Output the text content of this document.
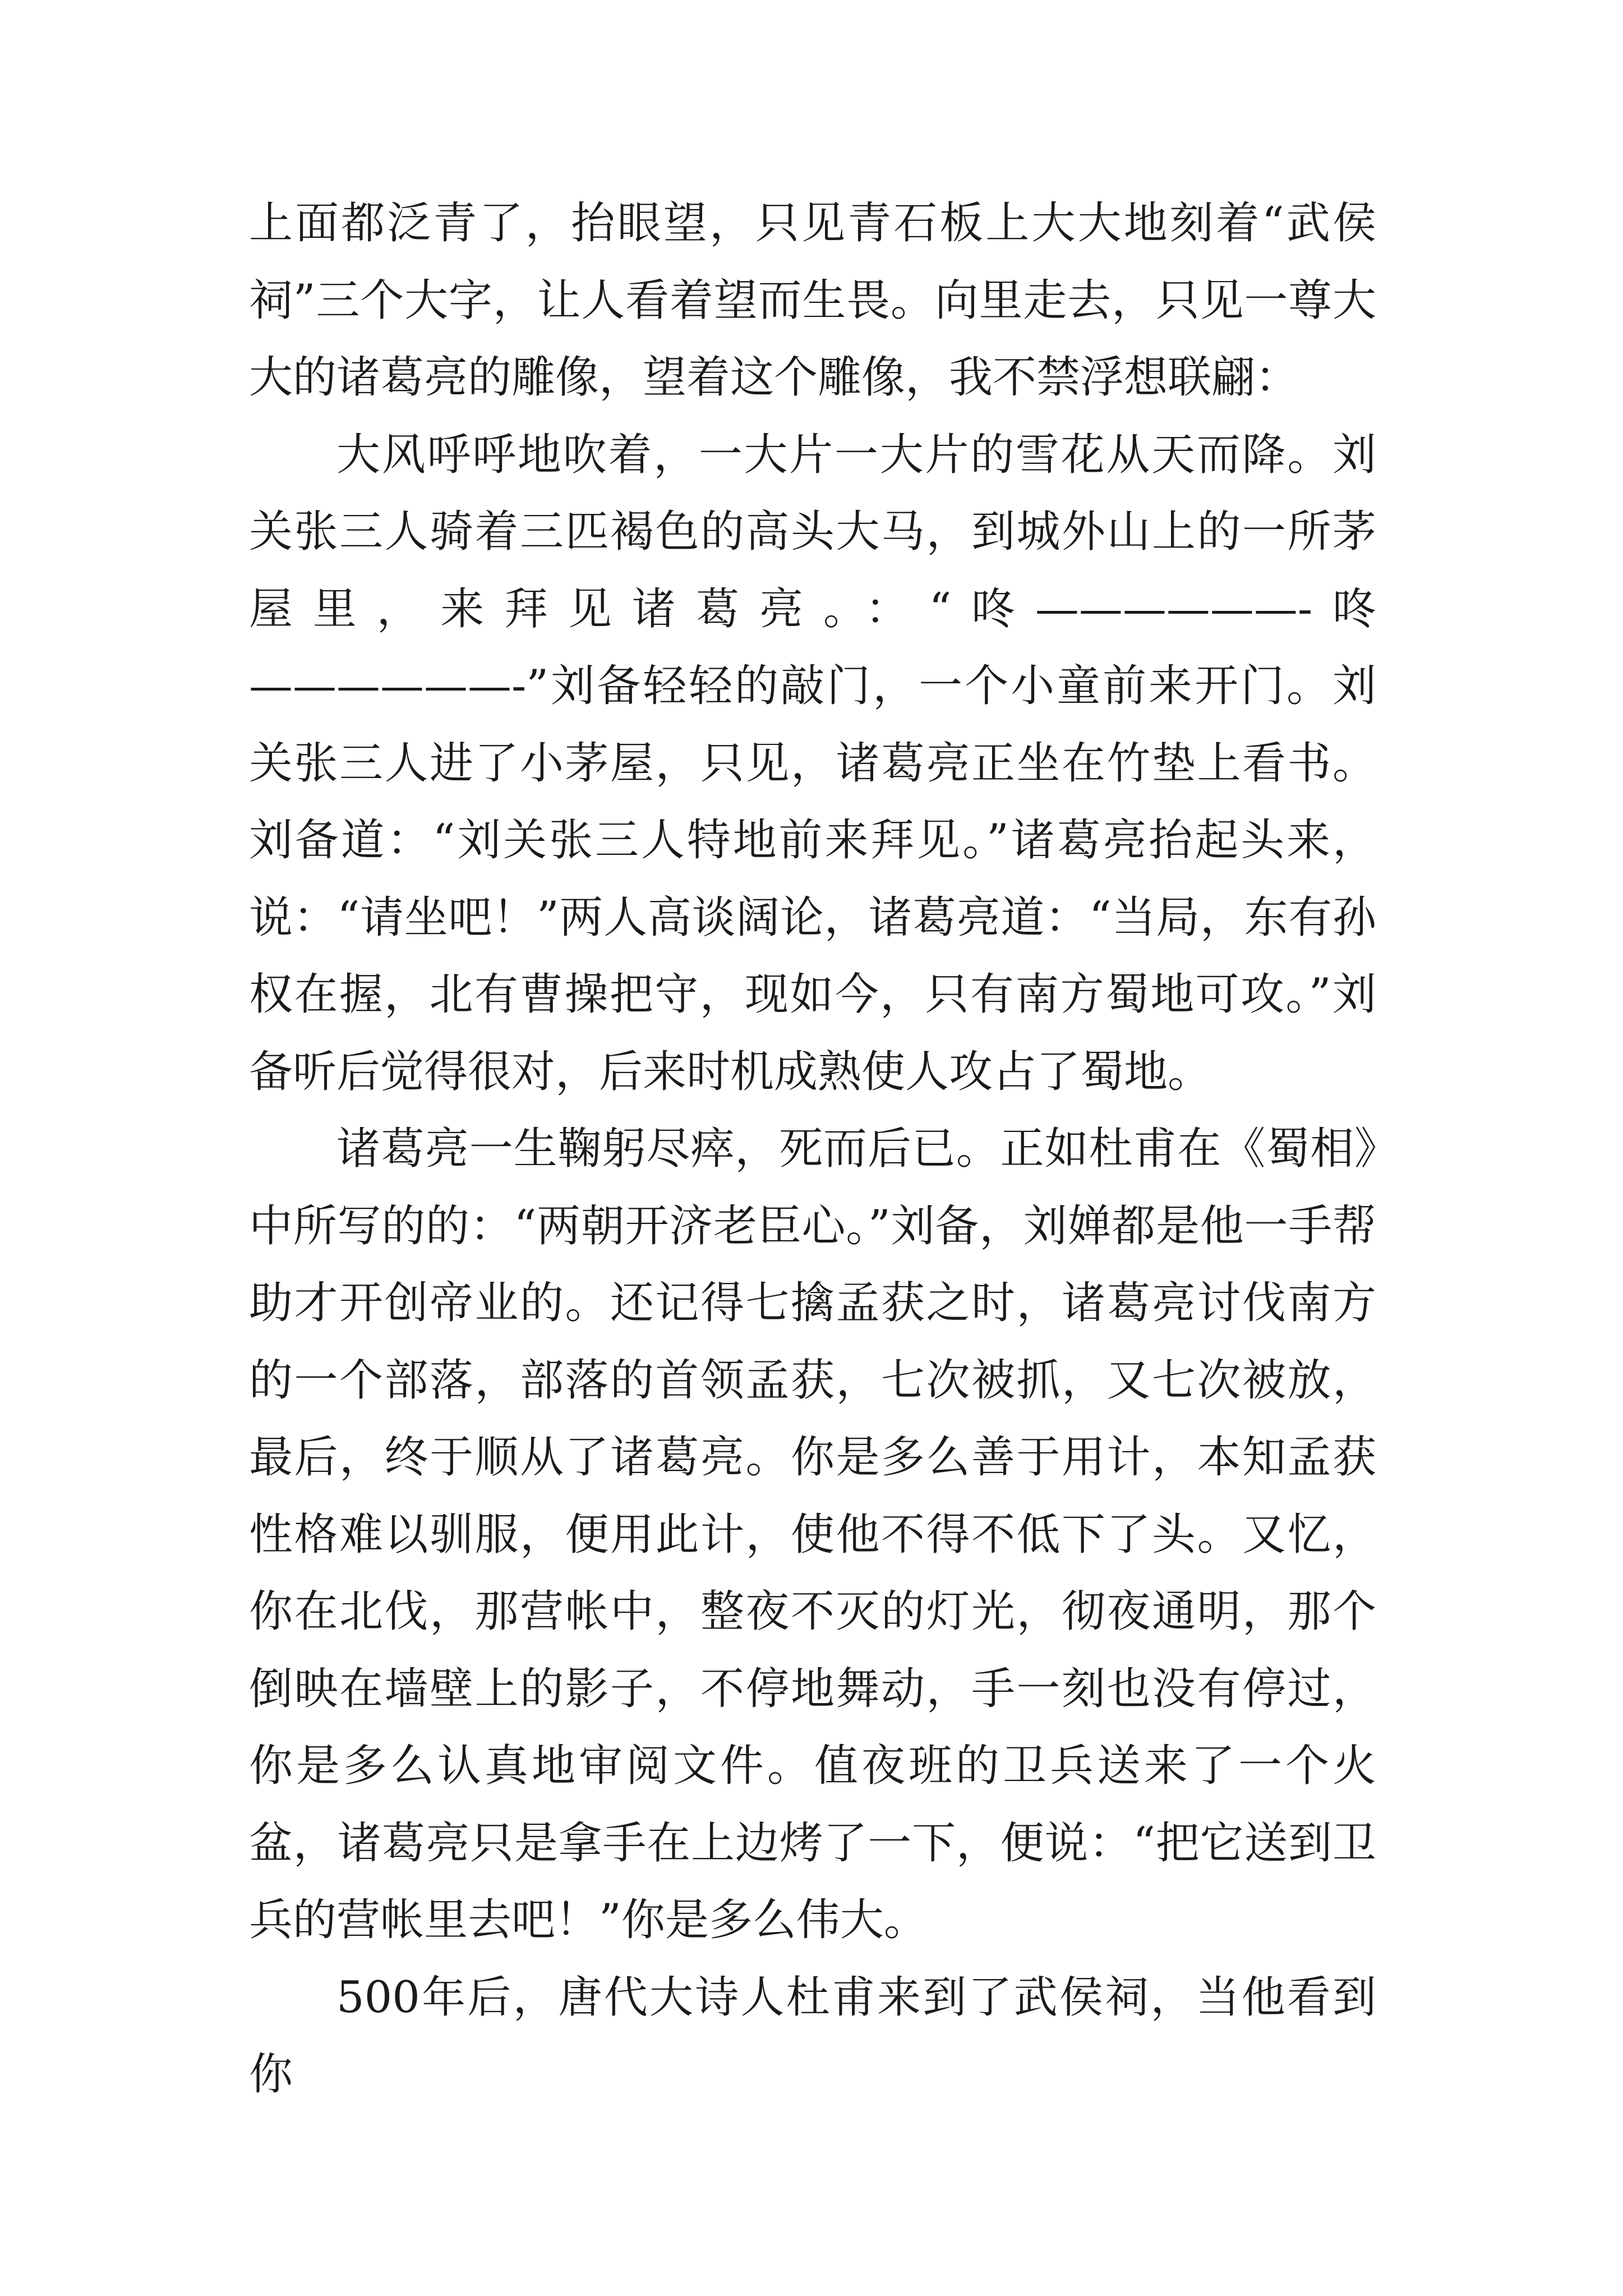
上面都泛青了，抬眼望，只见青石板上大大地刻着“武侯祠”三个大字，让人看着望而生畏。向里走去，只见一尊大大的诸葛亮的雕像，望着这个雕像，我不禁浮想联翩：

大风呼呼地吹着，一大片一大片的雪花从天而降。刘关张三人骑着三匹褐色的高头大马，到城外山上的一所茅屋里，来拜见诸葛亮。：“咚——————-咚——————-”刘备轻轻的敲门，一个小童前来开门。刘关张三人进了小茅屋，只见，诸葛亮正坐在竹垫上看书。刘备道：“刘关张三人特地前来拜见。”诸葛亮抬起头来，说：“请坐吧！”两人高谈阔论，诸葛亮道：“当局，东有孙权在握，北有曹操把守，现如今，只有南方蜀地可攻。”刘备听后觉得很对，后来时机成熟使人攻占了蜀地。

诸葛亮一生鞠躬尽瘁，死而后已。正如杜甫在《蜀相》中所写的的：“两朝开济老臣心。”刘备，刘婵都是他一手帮助才开创帝业的。还记得七擒孟获之时，诸葛亮讨伐南方的一个部落，部落的首领孟获，七次被抓，又七次被放，最后，终于顺从了诸葛亮。你是多么善于用计，本知孟获性格难以驯服，便用此计，使他不得不低下了头。又忆，你在北伐，那营帐中，整夜不灭的灯光，彻夜通明，那个倒映在墙壁上的影子，不停地舞动，手一刻也没有停过，你是多么认真地审阅文件。值夜班的卫兵送来了一个火盆，诸葛亮只是拿手在上边烤了一下，便说：“把它送到卫兵的营帐里去吧！”你是多么伟大。

500年后，唐代大诗人杜甫来到了武侯祠，当他看到你
